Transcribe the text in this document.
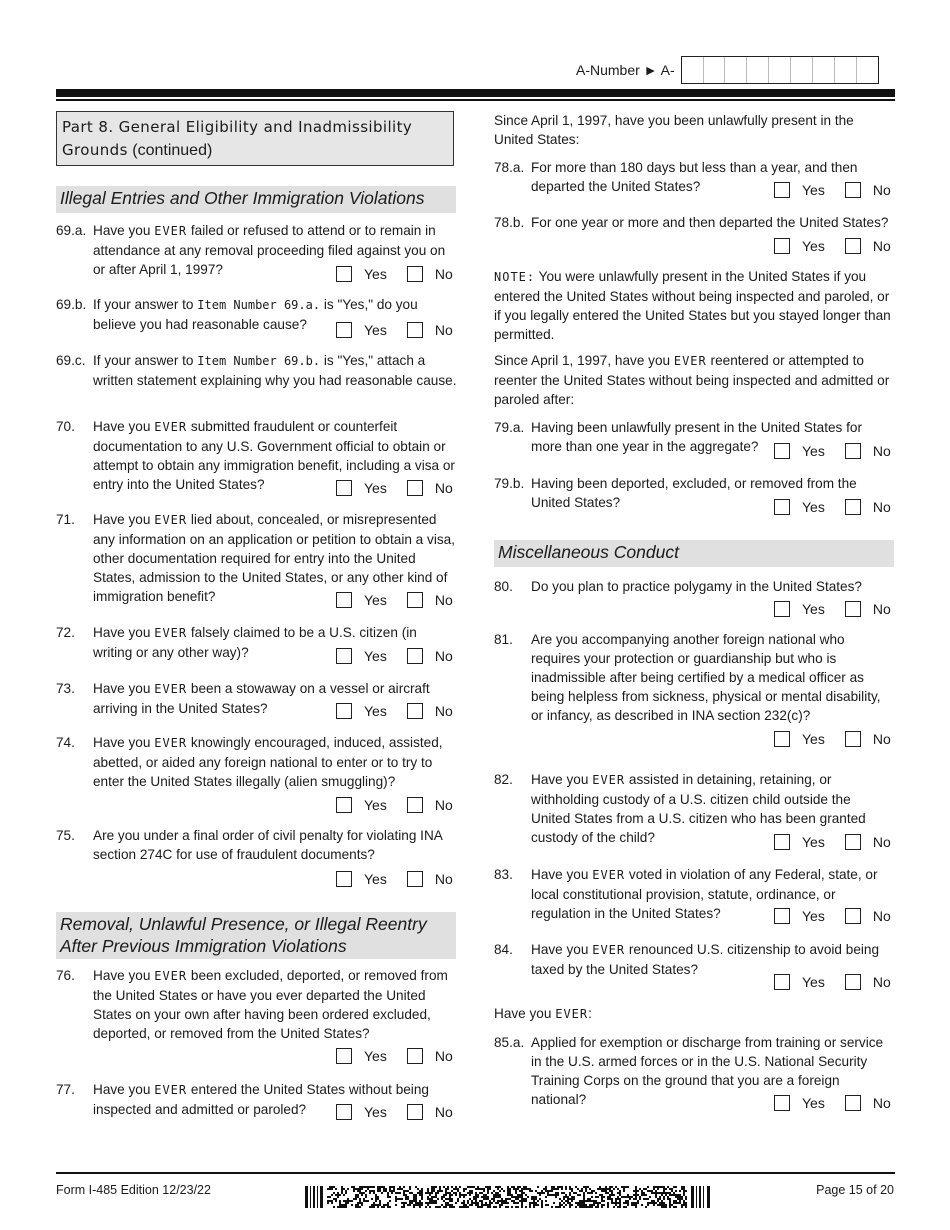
A-Number ► A-
Part 8. General Eligibility and Inadmissibility
Grounds (continued)
Illegal Entries and Other Immigration Violations
69.a. Have you EVER failed or refused to attend or to remain in attendance at any removal proceeding filed against you on or after April 1, 1997?	Yes	No
69.b. If your answer to Item Number 69.a. is "Yes," do you believe you had reasonable cause?	Yes	No
69.c. If your answer to Item Number 69.b. is "Yes," attach a written statement explaining why you had reasonable cause.
70. Have you EVER submitted fraudulent or counterfeit documentation to any U.S. Government official to obtain or attempt to obtain any immigration benefit, including a visa or entry into the United States?	Yes	No
71. Have you EVER lied about, concealed, or misrepresented any information on an application or petition to obtain a visa, other documentation required for entry into the United States, admission to the United States, or any other kind of immigration benefit?	Yes	No
72. Have you EVER falsely claimed to be a U.S. citizen (in writing or any other way)?	Yes	No
73. Have you EVER been a stowaway on a vessel or aircraft arriving in the United States?	Yes	No
74. Have you EVER knowingly encouraged, induced, assisted, abetted, or aided any foreign national to enter or to try to enter the United States illegally (alien smuggling)?
Yes	No
75. Are you under a final order of civil penalty for violating INA section 274C for use of fraudulent documents?
Yes	No
Removal, Unlawful Presence, or Illegal Reentry
After Previous Immigration Violations
76. Have you EVER been excluded, deported, or removed from the United States or have you ever departed the United States on your own after having been ordered excluded, deported, or removed from the United States?
Yes	No
77. Have you EVER entered the United States without being inspected and admitted or paroled?	Yes	No
Since April 1, 1997, have you been unlawfully present in the United States:
78.a. For more than 180 days but less than a year, and then departed the United States?	Yes	No
78.b. For one year or more and then departed the United States?
Yes	No
NOTE: You were unlawfully present in the United States if you entered the United States without being inspected and paroled, or if you legally entered the United States but you stayed longer than permitted.
Since April 1, 1997, have you EVER reentered or attempted to reenter the United States without being inspected and admitted or paroled after:
79.a. Having been unlawfully present in the United States for more than one year in the aggregate?	Yes	No
79.b. Having been deported, excluded, or removed from the United States?	Yes	No
Miscellaneous Conduct
80. Do you plan to practice polygamy in the United States?
Yes	No
81. Are you accompanying another foreign national who requires your protection or guardianship but who is inadmissible after being certified by a medical officer as being helpless from sickness, physical or mental disability, or infancy, as described in INA section 232(c)?
Yes	No
82. Have you EVER assisted in detaining, retaining, or withholding custody of a U.S. citizen child outside the United States from a U.S. citizen who has been granted custody of the child?	Yes	No
83. Have you EVER voted in violation of any Federal, state, or local constitutional provision, statute, ordinance, or regulation in the United States?	Yes	No
84. Have you EVER renounced U.S. citizenship to avoid being taxed by the United States?
Yes	No
Have you EVER:
85.a. Applied for exemption or discharge from training or service in the U.S. armed forces or in the U.S. National Security Training Corps on the ground that you are a foreign national?	Yes	No
Form I-485 Edition 12/23/22	Page 15 of 20
